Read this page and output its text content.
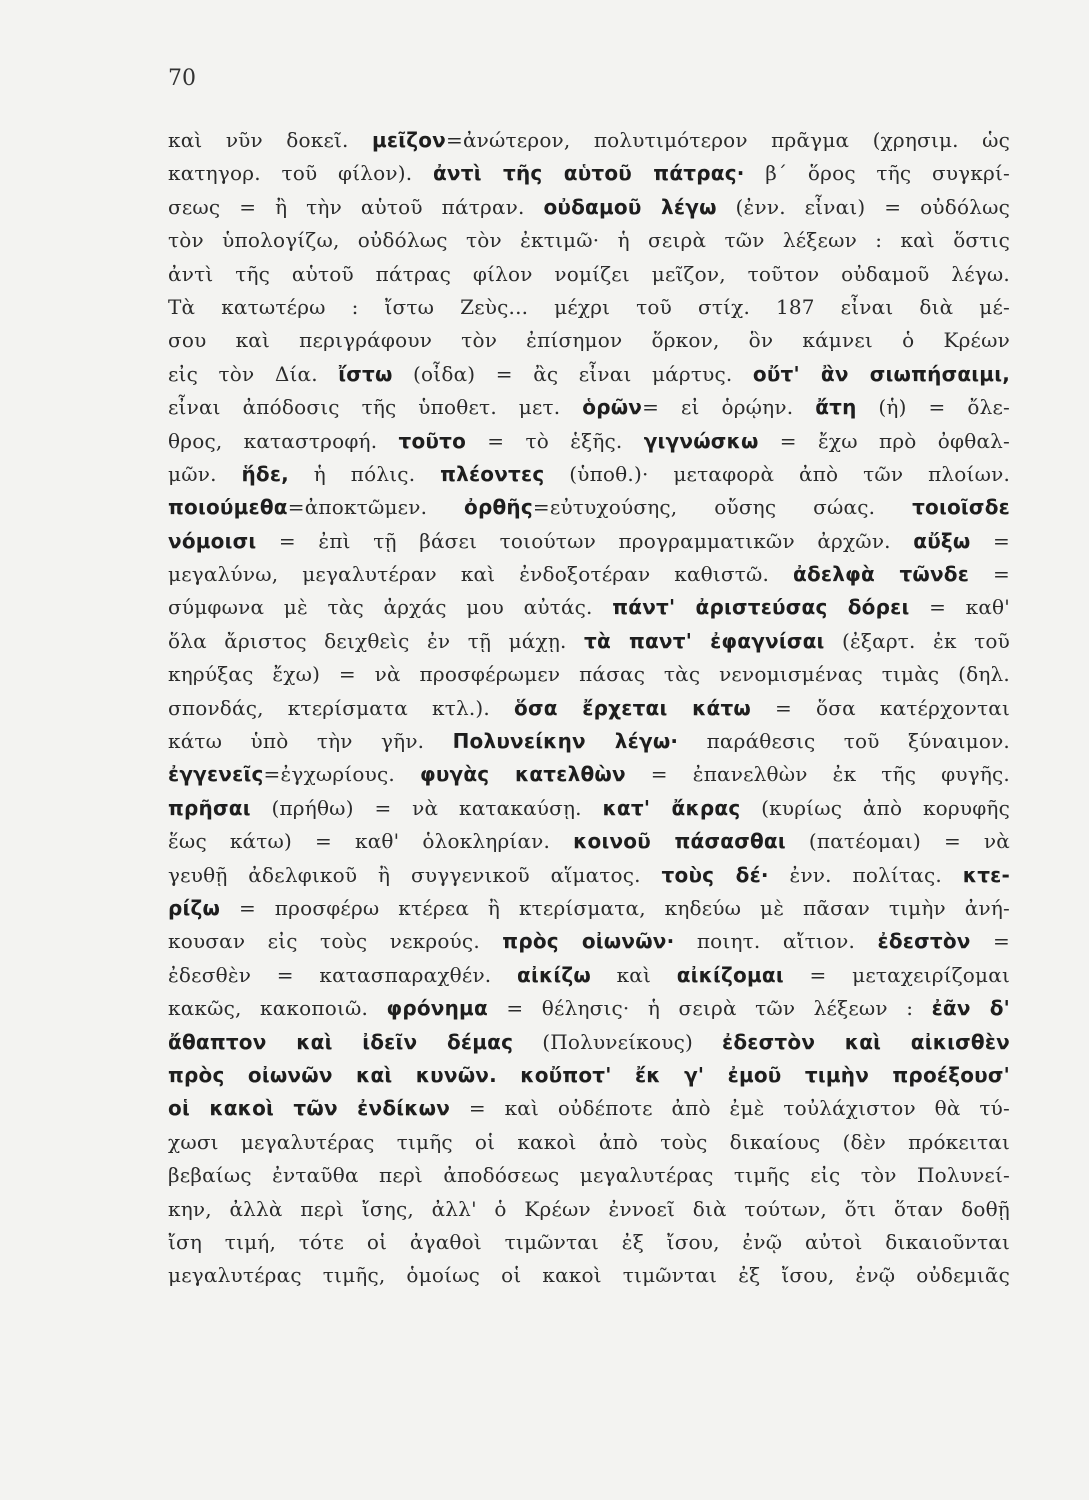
70
καὶ νῦν δοκεῖ. μεῖζον=ἀνώτερον, πολυτιμότερον πρᾶγμα (χρησιμ. ὡς
κατηγορ. τοῦ φίλον). ἀντὶ τῆς αὑτοῦ πάτρας· β΄ ὅρος τῆς συγκρί-
σεως = ἢ τὴν αὑτοῦ πάτραν. οὐδαμοῦ λέγω (ἐνν. εἶναι) = οὐδόλως
τὸν ὑπολογίζω, οὐδόλως τὸν ἐκτιμῶ· ἡ σειρὰ τῶν λέξεων : καὶ ὅστις
ἀντὶ τῆς αὑτοῦ πάτρας φίλον νομίζει μεῖζον, τοῦτον οὐδαμοῦ λέγω.
Τὰ κατωτέρω : ἴστω Ζεὺς... μέχρι τοῦ στίχ. 187 εἶναι διὰ μέ-
σου καὶ περιγράφουν τὸν ἐπίσημον ὅρκον, ὃν κάμνει ὁ Κρέων
εἰς τὸν Δία. ἴστω (οἶδα) = ἂς εἶναι μάρτυς. οὔτ' ἂν σιωπήσαιμι,
εἶναι ἀπόδοσις τῆς ὑποθετ. μετ. ὁρῶν= εἰ ὁρῴην. ἄτη (ἡ) = ὄλε-
θρος, καταστροφή. τοῦτο = τὸ ἑξῆς. γιγνώσκω = ἔχω πρὸ ὀφθαλ-
μῶν. ἥδε, ἡ πόλις. πλέοντες (ὑποθ.)· μεταφορὰ ἀπὸ τῶν πλοίων.
ποιούμεθα=ἀποκτῶμεν. ὀρθῆς=εὐτυχούσης, οὔσης σώας. τοιοῖσδε
νόμοισι = ἐπὶ τῇ βάσει τοιούτων προγραμματικῶν ἀρχῶν. αὔξω =
μεγαλύνω, μεγαλυτέραν καὶ ἐνδοξοτέραν καθιστῶ. ἀδελφὰ τῶνδε =
σύμφωνα μὲ τὰς ἀρχάς μου αὐτάς. πάντ' ἀριστεύσας δόρει = καθ'
ὅλα ἄριστος δειχθεὶς ἐν τῇ μάχῃ. τὰ παντ' ἐφαγνίσαι (ἐξαρτ. ἐκ τοῦ
κηρύξας ἔχω) = νὰ προσφέρωμεν πάσας τὰς νενομισμένας τιμὰς (δηλ.
σπονδάς, κτερίσματα κτλ.). ὅσα ἔρχεται κάτω = ὅσα κατέρχονται
κάτω ὑπὸ τὴν γῆν. Πολυνείκην λέγω· παράθεσις τοῦ ξύναιμον.
ἐγγενεῖς=ἐγχωρίους. φυγὰς κατελθὼν = ἐπανελθὼν ἐκ τῆς φυγῆς.
πρῆσαι (πρήθω) = νὰ κατακαύσῃ. κατ' ἄκρας (κυρίως ἀπὸ κορυφῆς
ἕως κάτω) = καθ' ὁλοκληρίαν. κοινοῦ πάσασθαι (πατέομαι) = νὰ
γευθῇ ἀδελφικοῦ ἢ συγγενικοῦ αἵματος. τοὺς δέ· ἐνν. πολίτας. κτε-
ρίζω = προσφέρω κτέρεα ἢ κτερίσματα, κηδεύω μὲ πᾶσαν τιμὴν ἀνή-
κουσαν εἰς τοὺς νεκρούς. πρὸς οἰωνῶν· ποιητ. αἴτιον. ἐδεστὸν =
ἐδεσθὲν = κατασπαραχθέν. αἰκίζω καὶ αἰκίζομαι = μεταχειρίζομαι
κακῶς, κακοποιῶ. φρόνημα = θέλησις· ἡ σειρὰ τῶν λέξεων : ἐᾶν δ'
ἄθαπτον καὶ ἰδεῖν δέμας (Πολυνείκους) ἐδεστὸν καὶ αἰκισθὲν
πρὸς οἰωνῶν καὶ κυνῶν. κοὔποτ' ἔκ γ' ἐμοῦ τιμὴν προέξουσ'
οἱ κακοὶ τῶν ἐνδίκων = καὶ οὐδέποτε ἀπὸ ἐμὲ τοὐλάχιστον θὰ τύ-
χωσι μεγαλυτέρας τιμῆς οἱ κακοὶ ἀπὸ τοὺς δικαίους (δὲν πρόκειται
βεβαίως ἐνταῦθα περὶ ἀποδόσεως μεγαλυτέρας τιμῆς εἰς τὸν Πολυνεί-
κην, ἀλλὰ περὶ ἴσης, ἀλλ' ὁ Κρέων ἐννοεῖ διὰ τούτων, ὅτι ὅταν δοθῇ
ἴση τιμή, τότε οἱ ἀγαθοὶ τιμῶνται ἐξ ἴσου, ἐνῷ αὐτοὶ δικαιοῦνται
μεγαλυτέρας τιμῆς, ὁμοίως οἱ κακοὶ τιμῶνται ἐξ ἴσου, ἐνῷ οὐδεμιᾶς
